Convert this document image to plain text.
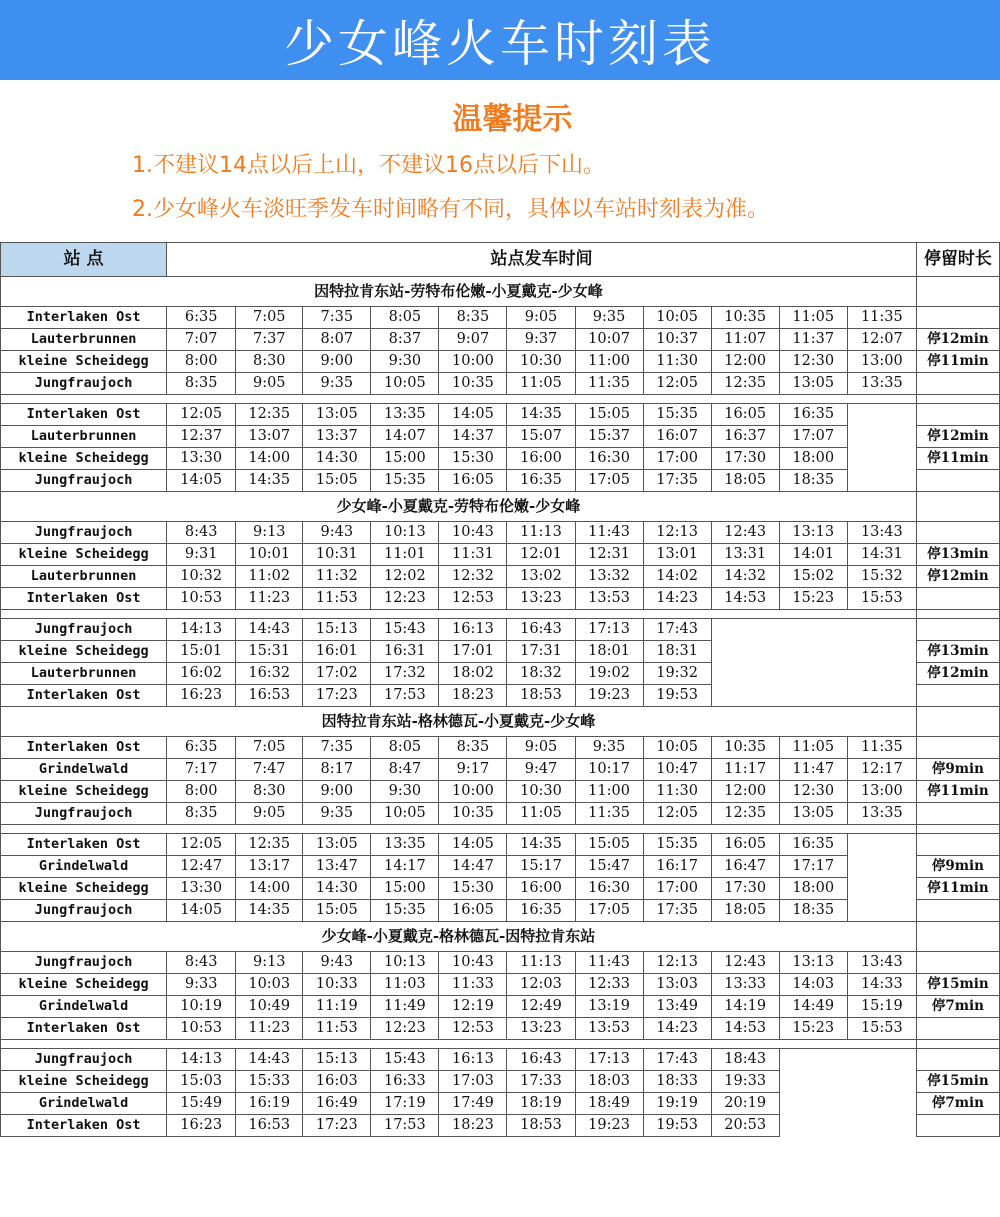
少女峰火车时刻表
温馨提示
1.不建议14点以后上山，不建议16点以后下山。
2.少女峰火车淡旺季发车时间略有不同，具体以车站时刻表为准。
站 点	站点发车时间											停留时长
因特拉肯东站-劳特布伦嫩-小夏戴克-少女峰												
Interlaken Ost	6:35	7:05	7:35	8:05	8:35	9:05	9:35	10:05	10:35	11:05	11:35	
Lauterbrunnen	7:07	7:37	8:07	8:37	9:07	9:37	10:07	10:37	11:07	11:37	12:07	停12min
kleine Scheidegg	8:00	8:30	9:00	9:30	10:00	10:30	11:00	11:30	12:00	12:30	13:00	停11min
Jungfraujoch	8:35	9:05	9:35	10:05	10:35	11:05	11:35	12:05	12:35	13:05	13:35	

Interlaken Ost	12:05	12:35	13:05	13:35	14:05	14:35	15:05	15:35	16:05	16:35		
Lauterbrunnen	12:37	13:07	13:37	14:07	14:37	15:07	15:37	16:07	16:37	17:07		停12min
kleine Scheidegg	13:30	14:00	14:30	15:00	15:30	16:00	16:30	17:00	17:30	18:00		停11min
Jungfraujoch	14:05	14:35	15:05	15:35	16:05	16:35	17:05	17:35	18:05	18:35		
少女峰-小夏戴克-劳特布伦嫩-少女峰												
Jungfraujoch	8:43	9:13	9:43	10:13	10:43	11:13	11:43	12:13	12:43	13:13	13:43	
kleine Scheidegg	9:31	10:01	10:31	11:01	11:31	12:01	12:31	13:01	13:31	14:01	14:31	停13min
Lauterbrunnen	10:32	11:02	11:32	12:02	12:32	13:02	13:32	14:02	14:32	15:02	15:32	停12min
Interlaken Ost	10:53	11:23	11:53	12:23	12:53	13:23	13:53	14:23	14:53	15:23	15:53	

Jungfraujoch	14:13	14:43	15:13	15:43	16:13	16:43	17:13	17:43				
kleine Scheidegg	15:01	15:31	16:01	16:31	17:01	17:31	18:01	18:31				停13min
Lauterbrunnen	16:02	16:32	17:02	17:32	18:02	18:32	19:02	19:32				停12min
Interlaken Ost	16:23	16:53	17:23	17:53	18:23	18:53	19:23	19:53				
因特拉肯东站-格林德瓦-小夏戴克-少女峰												
Interlaken Ost	6:35	7:05	7:35	8:05	8:35	9:05	9:35	10:05	10:35	11:05	11:35	
Grindelwald	7:17	7:47	8:17	8:47	9:17	9:47	10:17	10:47	11:17	11:47	12:17	停9min
kleine Scheidegg	8:00	8:30	9:00	9:30	10:00	10:30	11:00	11:30	12:00	12:30	13:00	停11min
Jungfraujoch	8:35	9:05	9:35	10:05	10:35	11:05	11:35	12:05	12:35	13:05	13:35	

Interlaken Ost	12:05	12:35	13:05	13:35	14:05	14:35	15:05	15:35	16:05	16:35		
Grindelwald	12:47	13:17	13:47	14:17	14:47	15:17	15:47	16:17	16:47	17:17		停9min
kleine Scheidegg	13:30	14:00	14:30	15:00	15:30	16:00	16:30	17:00	17:30	18:00		停11min
Jungfraujoch	14:05	14:35	15:05	15:35	16:05	16:35	17:05	17:35	18:05	18:35		
少女峰-小夏戴克-格林德瓦-因特拉肯东站												
Jungfraujoch	8:43	9:13	9:43	10:13	10:43	11:13	11:43	12:13	12:43	13:13	13:43	
kleine Scheidegg	9:33	10:03	10:33	11:03	11:33	12:03	12:33	13:03	13:33	14:03	14:33	停15min
Grindelwald	10:19	10:49	11:19	11:49	12:19	12:49	13:19	13:49	14:19	14:49	15:19	停7min
Interlaken Ost	10:53	11:23	11:53	12:23	12:53	13:23	13:53	14:23	14:53	15:23	15:53	

Jungfraujoch	14:13	14:43	15:13	15:43	16:13	16:43	17:13	17:43	18:43			
kleine Scheidegg	15:03	15:33	16:03	16:33	17:03	17:33	18:03	18:33	19:33			停15min
Grindelwald	15:49	16:19	16:49	17:19	17:49	18:19	18:49	19:19	20:19			停7min
Interlaken Ost	16:23	16:53	17:23	17:53	18:23	18:53	19:23	19:53	20:53			
